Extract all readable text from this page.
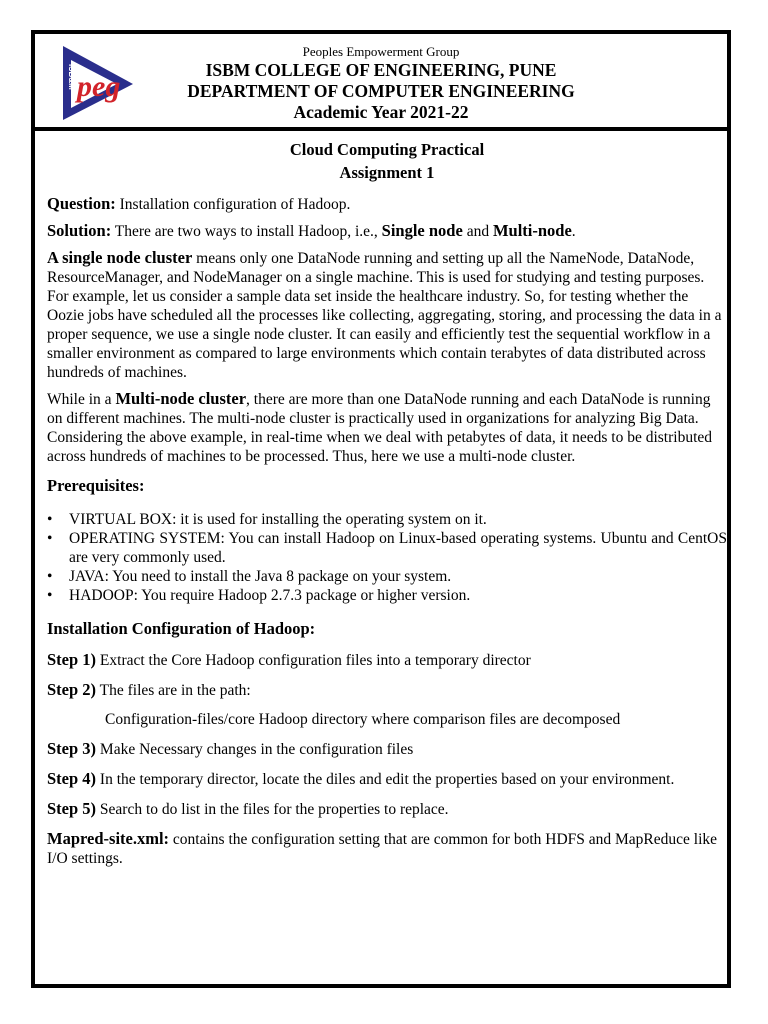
ISB&M peg
Peoples Empowerment Group
ISBM COLLEGE OF ENGINEERING, PUNE
DEPARTMENT OF COMPUTER ENGINEERING
Academic Year 2021-22
Cloud Computing Practical
Assignment 1

Question: Installation configuration of Hadoop.

Solution: There are two ways to install Hadoop, i.e., Single node and Multi-node.

A single node cluster means only one DataNode running and setting up all the NameNode, DataNode, ResourceManager, and NodeManager on a single machine. This is used for studying and testing purposes. For example, let us consider a sample data set inside the healthcare industry. So, for testing whether the Oozie jobs have scheduled all the processes like collecting, aggregating, storing, and processing the data in a proper sequence, we use a single node cluster. It can easily and efficiently test the sequential workflow in a smaller environment as compared to large environments which contain terabytes of data distributed across hundreds of machines.

While in a Multi-node cluster, there are more than one DataNode running and each DataNode is running on different machines. The multi-node cluster is practically used in organizations for analyzing Big Data. Considering the above example, in real-time when we deal with petabytes of data, it needs to be distributed across hundreds of machines to be processed. Thus, here we use a multi-node cluster.

Prerequisites:
• VIRTUAL BOX: it is used for installing the operating system on it.
• OPERATING SYSTEM: You can install Hadoop on Linux-based operating systems. Ubuntu and CentOS are very commonly used.
• JAVA: You need to install the Java 8 package on your system.
• HADOOP: You require Hadoop 2.7.3 package or higher version.
Installation Configuration of Hadoop:

Step 1) Extract the Core Hadoop configuration files into a temporary director

Step 2) The files are in the path:

Configuration-files/core Hadoop directory where comparison files are decomposed

Step 3) Make Necessary changes in the configuration files

Step 4) In the temporary director, locate the diles and edit the properties based on your environment.

Step 5) Search to do list in the files for the properties to replace.

Mapred-site.xml: contains the configuration setting that are common for both HDFS and MapReduce like I/O settings.
